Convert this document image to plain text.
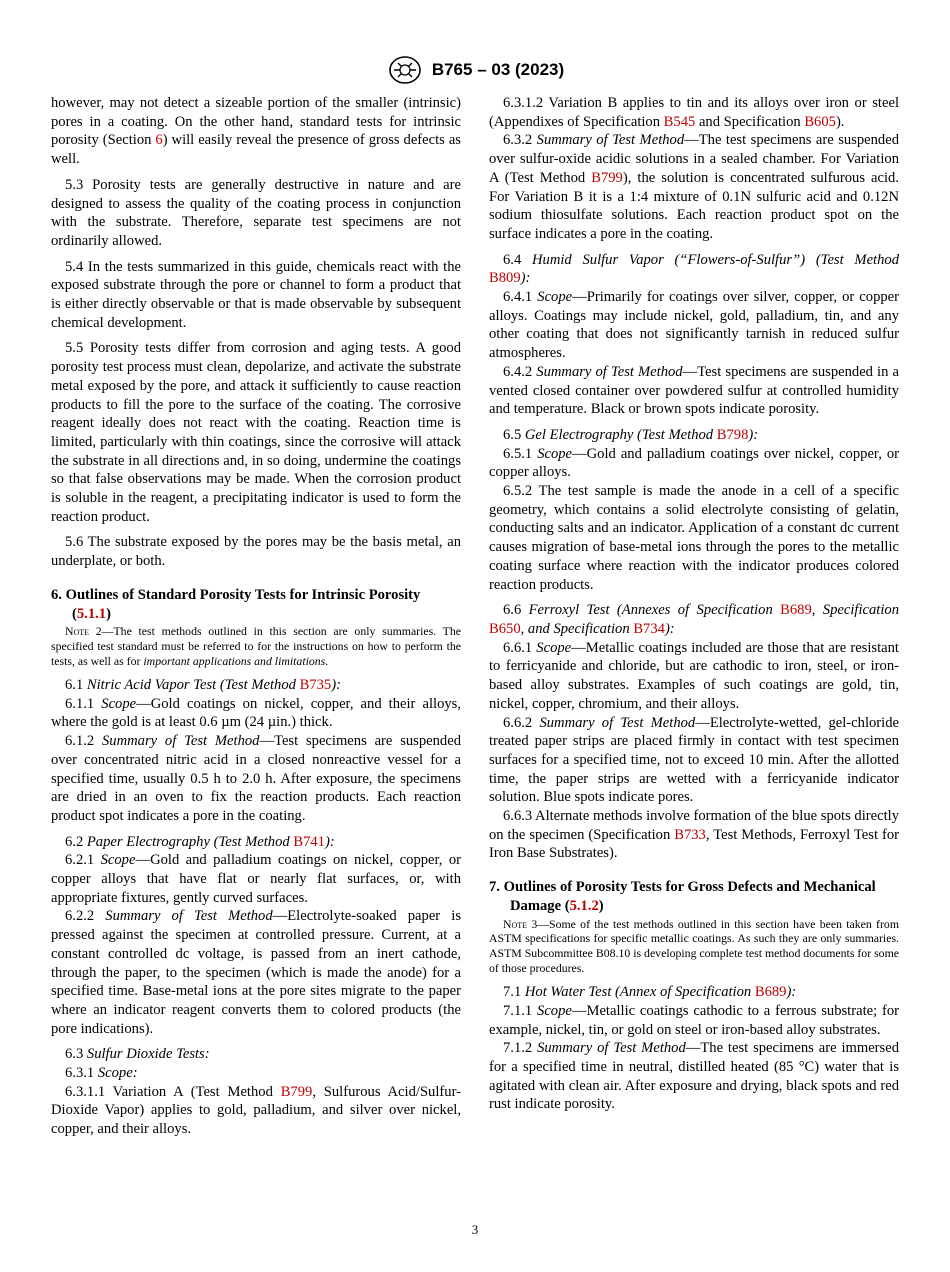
B765 – 03 (2023)

however, may not detect a sizeable portion of the smaller (intrinsic) pores in a coating. On the other hand, standard tests for intrinsic porosity (Section 6) will easily reveal the presence of gross defects as well.

5.3 Porosity tests are generally destructive in nature and are designed to assess the quality of the coating process in conjunction with the substrate. Therefore, separate test specimens are not ordinarily allowed.

5.4 In the tests summarized in this guide, chemicals react with the exposed substrate through the pore or channel to form a product that is either directly observable or that is made observable by subsequent chemical development.

5.5 Porosity tests differ from corrosion and aging tests. A good porosity test process must clean, depolarize, and activate the substrate metal exposed by the pore, and attack it sufficiently to cause reaction products to fill the pore to the surface of the coating. The corrosive reagent ideally does not react with the coating. Reaction time is limited, particularly with thin coatings, since the corrosive will attack the substrate in all directions and, in so doing, undermine the coatings so that false observations may be made. When the corrosion product is soluble in the reagent, a precipitating indicator is used to form the reaction product.

5.6 The substrate exposed by the pores may be the basis metal, an underplate, or both.

6. Outlines of Standard Porosity Tests for Intrinsic Porosity (5.1.1)

Note 2—The test methods outlined in this section are only summaries. The specified test standard must be referred to for the instructions on how to perform the tests, as well as for important applications and limitations.

6.1 Nitric Acid Vapor Test (Test Method B735):

6.1.1 Scope—Gold coatings on nickel, copper, and their alloys, where the gold is at least 0.6 µm (24 µin.) thick.

6.1.2 Summary of Test Method—Test specimens are suspended over concentrated nitric acid in a closed nonreactive vessel for a specified time, usually 0.5 h to 2.0 h. After exposure, the specimens are dried in an oven to fix the reaction products. Each reaction product spot indicates a pore in the coating.

6.2 Paper Electrography (Test Method B741):

6.2.1 Scope—Gold and palladium coatings on nickel, copper, or copper alloys that have flat or nearly flat surfaces, or, with appropriate fixtures, gently curved surfaces.

6.2.2 Summary of Test Method—Electrolyte-soaked paper is pressed against the specimen at controlled pressure. Current, at a constant controlled dc voltage, is passed from an inert cathode, through the paper, to the specimen (which is made the anode) for a specified time. Base-metal ions at the pore sites migrate to the paper where an indicator reagent converts them to colored products (the pore indications).

6.3 Sulfur Dioxide Tests:

6.3.1 Scope:

6.3.1.1 Variation A (Test Method B799, Sulfurous Acid/Sulfur-Dioxide Vapor) applies to gold, palladium, and silver over nickel, copper, and their alloys.

6.3.1.2 Variation B applies to tin and its alloys over iron or steel (Appendixes of Specification B545 and Specification B605).

6.3.2 Summary of Test Method—The test specimens are suspended over sulfur-oxide acidic solutions in a sealed chamber. For Variation A (Test Method B799), the solution is concentrated sulfurous acid. For Variation B it is a 1:4 mixture of 0.1N sulfuric acid and 0.12N sodium thiosulfate solutions. Each reaction product spot on the surface indicates a pore in the coating.

6.4 Humid Sulfur Vapor (“Flowers-of-Sulfur”) (Test Method B809):

6.4.1 Scope—Primarily for coatings over silver, copper, or copper alloys. Coatings may include nickel, gold, palladium, tin, and any other coating that does not significantly tarnish in reduced sulfur atmospheres.

6.4.2 Summary of Test Method—Test specimens are suspended in a vented closed container over powdered sulfur at controlled humidity and temperature. Black or brown spots indicate porosity.

6.5 Gel Electrography (Test Method B798):

6.5.1 Scope—Gold and palladium coatings over nickel, copper, or copper alloys.

6.5.2 The test sample is made the anode in a cell of a specific geometry, which contains a solid electrolyte consisting of gelatin, conducting salts and an indicator. Application of a constant dc current causes migration of base-metal ions through the pores to the metallic coating surface where reaction with the indicator produces colored reaction products.

6.6 Ferroxyl Test (Annexes of Specification B689, Specification B650, and Specification B734):

6.6.1 Scope—Metallic coatings included are those that are resistant to ferricyanide and chloride, but are cathodic to iron, steel, or iron-based alloy substrates. Examples of such coatings are gold, tin, nickel, copper, chromium, and their alloys.

6.6.2 Summary of Test Method—Electrolyte-wetted, gel-chloride treated paper strips are placed firmly in contact with test specimen surfaces for a specified time, not to exceed 10 min. After the allotted time, the paper strips are wetted with a ferricyanide indicator solution. Blue spots indicate pores.

6.6.3 Alternate methods involve formation of the blue spots directly on the specimen (Specification B733, Test Methods, Ferroxyl Test for Iron Base Substrates).

7. Outlines of Porosity Tests for Gross Defects and Mechanical Damage (5.1.2)

Note 3—Some of the test methods outlined in this section have been taken from ASTM specifications for specific metallic coatings. As such they are only summaries. ASTM Subcommittee B08.10 is developing complete test method documents for some of those procedures.

7.1 Hot Water Test (Annex of Specification B689):

7.1.1 Scope—Metallic coatings cathodic to a ferrous substrate; for example, nickel, tin, or gold on steel or iron-based alloy substrates.

7.1.2 Summary of Test Method—The test specimens are immersed for a specified time in neutral, distilled heated (85 °C) water that is agitated with clean air. After exposure and drying, black spots and red rust indicate porosity.

3
